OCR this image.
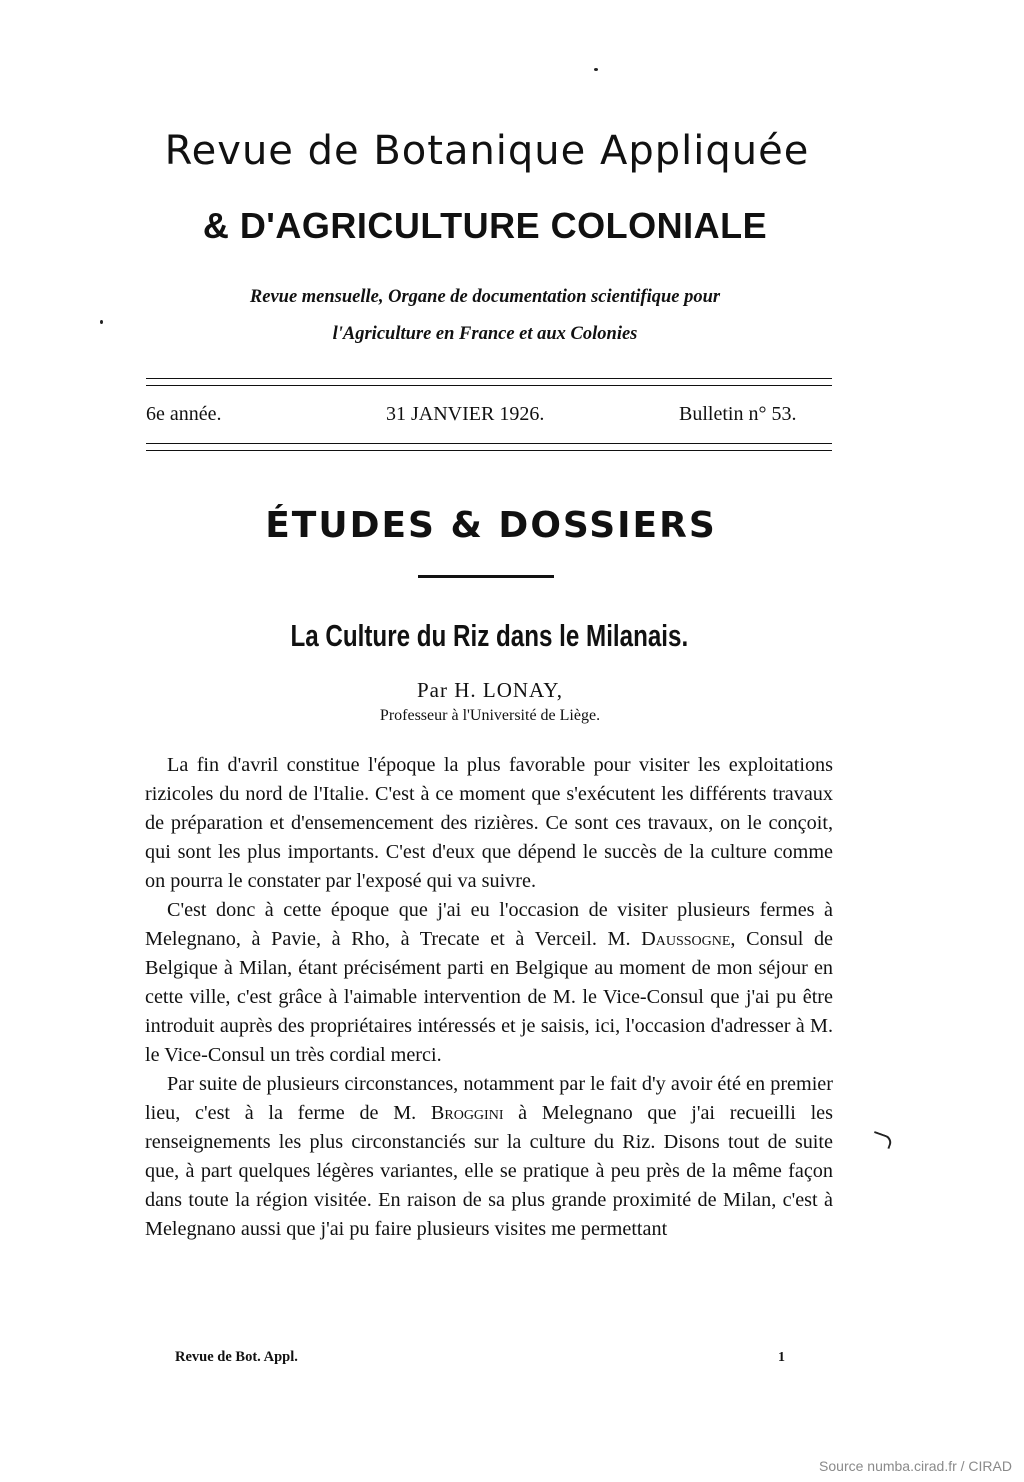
Revue de Botanique Appliquée
& D'AGRICULTURE COLONIALE
Revue mensuelle, Organe de documentation scientifique pour
l'Agriculture en France et aux Colonies
6e année.	31 JANVIER 1926.	Bulletin n° 53.
ÉTUDES & DOSSIERS
La Culture du Riz dans le Milanais.
Par H. LONAY,
Professeur à l'Université de Liège.

La fin d'avril constitue l'époque la plus favorable pour visiter les exploitations rizicoles du nord de l'Italie. C'est à ce moment que s'exécutent les différents travaux de préparation et d'ensemencement des rizières. Ce sont ces travaux, on le conçoit, qui sont les plus importants. C'est d'eux que dépend le succès de la culture comme on pourra le constater par l'exposé qui va suivre.

C'est donc à cette époque que j'ai eu l'occasion de visiter plusieurs fermes à Melegnano, à Pavie, à Rho, à Trecate et à Verceil. M. Daussogne, Consul de Belgique à Milan, étant précisément parti en Belgique au moment de mon séjour en cette ville, c'est grâce à l'aimable intervention de M. le Vice-Consul que j'ai pu être introduit auprès des propriétaires intéressés et je saisis, ici, l'occasion d'adresser à M. le Vice-Consul un très cordial merci.

Par suite de plusieurs circonstances, notamment par le fait d'y avoir été en premier lieu, c'est à la ferme de M. Broggini à Melegnano que j'ai recueilli les renseignements les plus circonstanciés sur la culture du Riz. Disons tout de suite que, à part quelques légères variantes, elle se pratique à peu près de la même façon dans toute la région visitée. En raison de sa plus grande proximité de Milan, c'est à Melegnano aussi que j'ai pu faire plusieurs visites me permettant

Revue de Bot. Appl.	1
Source numba.cirad.fr / CIRAD
